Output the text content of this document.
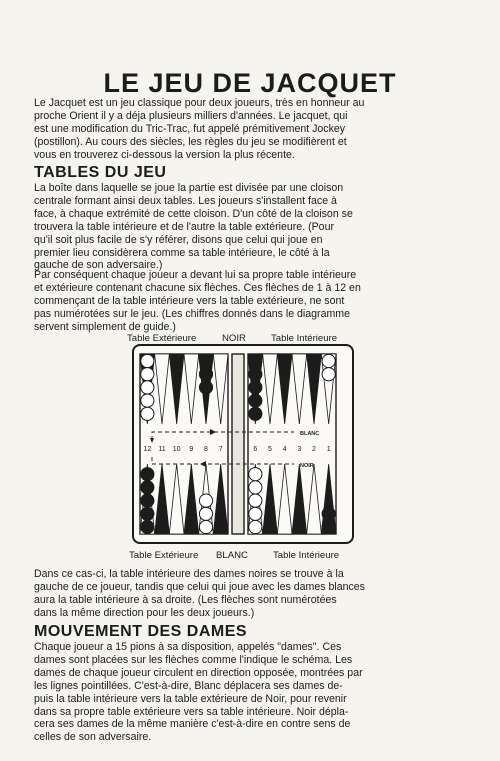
LE JEU DE JACQUET
Le Jacquet est un jeu classique pour deux joueurs, très en honneur au
proche Orient il y a déja plusieurs milliers d'années. Le jacquet, qui
est une modification du Tric-Trac, fut appelé prémitivement Jockey
(postillon). Au cours des siècles, les règles du jeu se modifièrent et
vous en trouverez ci-dessous la version la plus récente.
TABLES DU JEU
La boîte dans laquelle se joue la partie est divisée par une cloison
centrale formant ainsi deux tables. Les joueurs s'installent face à
face, à chaque extrémité de cette cloison. D'un côté de la cloison se
trouvera la table intérieure et de l'autre la table extérieure. (Pour
qu'il soit plus facile de s'y référer, disons que celui qui joue en
premier lieu considèrera comme sa table intérieure, le côté à la
gauche de son adversaire.)
Par conséquent chaque joueur a devant lui sa propre table intérieure
et extérieure contenant chacune six flèches. Ces flèches de 1 à 12 en
commençant de la table intérieure vers la table extérieure, ne sont
pas numérotées sur le jeu. (Les chiffres donnés dans le diagramme
servent simplement de guide.)
Table Extérieure	NOIR	Table Intérieure
BLANC
NOIR
12 11 10 9 8 7	6 5 4 3 2 1
Table Extérieure BLANC	Table Intérieure
Dans ce cas-ci, la table intérieure des dames noires se trouve à la
gauche de ce joueur, tandis que celui qui joue avec les dames blances
aura la table intérieure à sa droite. (Les flèches sont numérotées
dans la même direction pour les deux joueurs.)
MOUVEMENT DES DAMES
Chaque joueur a 15 pions à sa disposition, appelés "dames". Ces
dames sont placées sur les flèches comme l'indique le schéma. Les
dames de chaque joueur circulent en direction opposée, montrées par
les lignes pointillées. C'est-à-dire, Blanc déplacera ses dames de-
puis la table intérieure vers la table extérieure de Noir, pour revenir
dans sa propre table extérieure vers sa table intérieure. Noir dépla-
cera ses dames de la même manière c'est-à-dire en contre sens de
celles de son adversaire.
